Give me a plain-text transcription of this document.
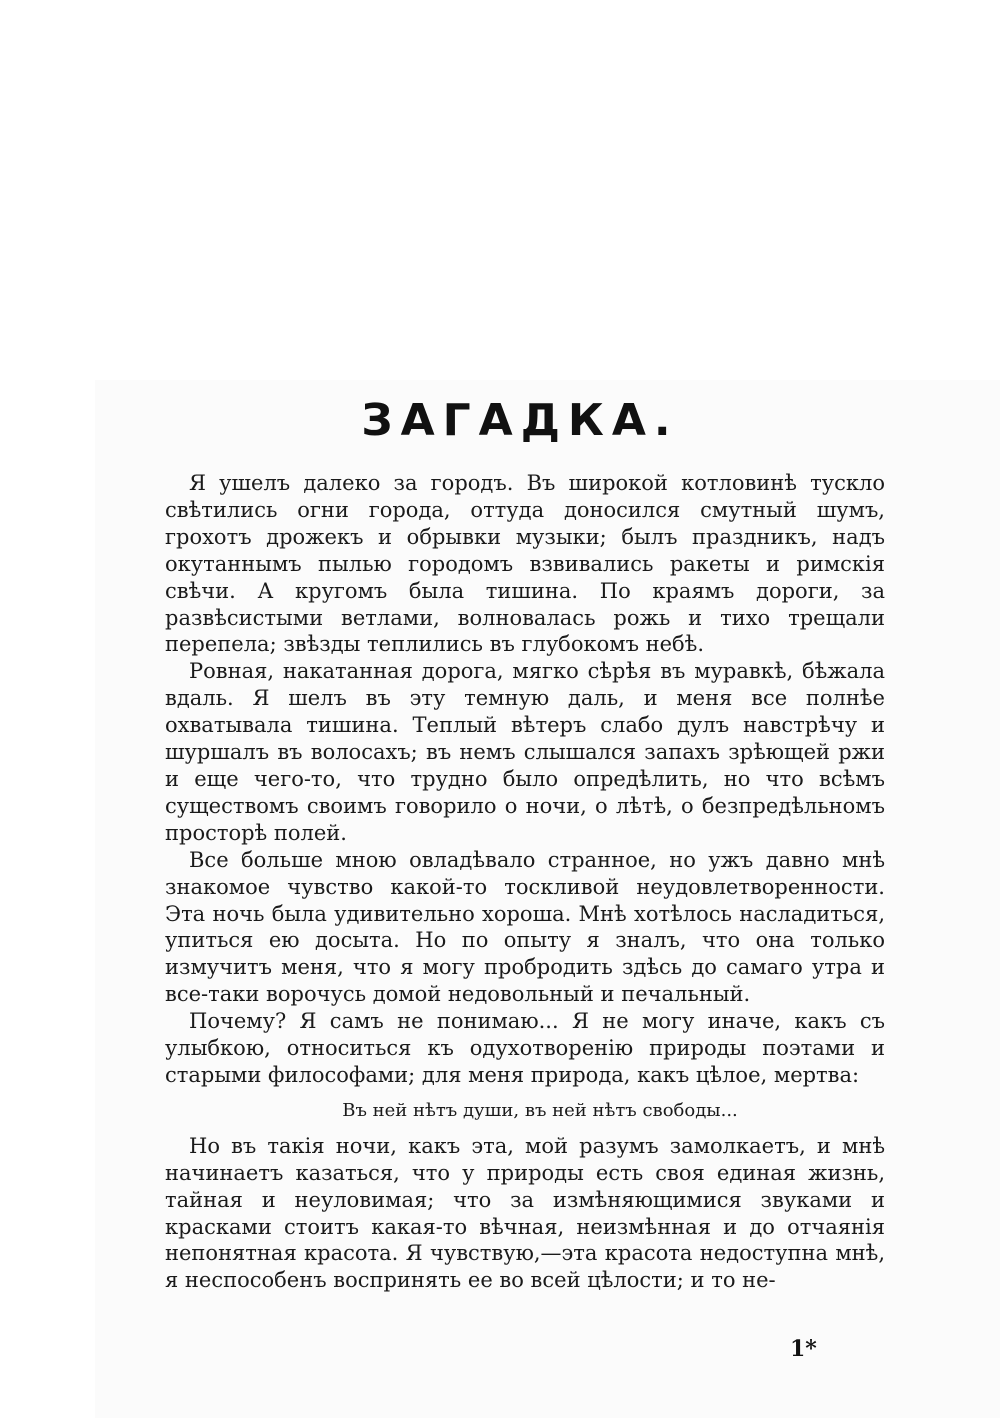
ЗАГАДКА.

Я ушелъ далеко за городъ. Въ широкой котловинѣ тускло свѣтились огни города, оттуда доносился смутный шумъ, грохотъ дрожекъ и обрывки музыки; былъ праздникъ, надъ окутаннымъ пылью городомъ взвивались ракеты и римскія свѣчи. А кругомъ была тишина. По краямъ дороги, за развѣсистыми ветлами, волновалась рожь и тихо трещали перепела; звѣзды теплились въ глубокомъ небѣ.

Ровная, накатанная дорога, мягко сѣрѣя въ муравкѣ, бѣжала вдаль. Я шелъ въ эту темную даль, и меня все полнѣе охватывала тишина. Теплый вѣтеръ слабо дулъ навстрѣчу и шуршалъ въ волосахъ; въ немъ слышался запахъ зрѣющей ржи и еще чего-то, что трудно было опредѣлить, но что всѣмъ существомъ своимъ говорило о ночи, о лѣтѣ, о безпредѣльномъ просторѣ полей.

Все больше мною овладѣвало странное, но ужъ давно мнѣ знакомое чувство какой-то тоскливой неудовлетворенности. Эта ночь была удивительно хороша. Мнѣ хотѣлось насладиться, упиться ею досыта. Но по опыту я зналъ, что она только измучитъ меня, что я могу пробродить здѣсь до самаго утра и все-таки ворочусь домой недовольный и печальный.

Почему? Я самъ не понимаю... Я не могу иначе, какъ съ улыбкою, относиться къ одухотворенію природы поэтами и старыми философами; для меня природа, какъ цѣлое, мертва:

Въ ней нѣтъ души, въ ней нѣтъ свободы...

Но въ такія ночи, какъ эта, мой разумъ замолкаетъ, и мнѣ начинаетъ казаться, что у природы есть своя единая жизнь, тайная и неуловимая; что за измѣняющимися звуками и красками стоитъ какая-то вѣчная, неизмѣнная и до отчаянія непонятная красота. Я чувствую,—эта красота недоступна мнѣ, я неспособенъ воспринять ее во всей цѣлости; и то не-

1*
